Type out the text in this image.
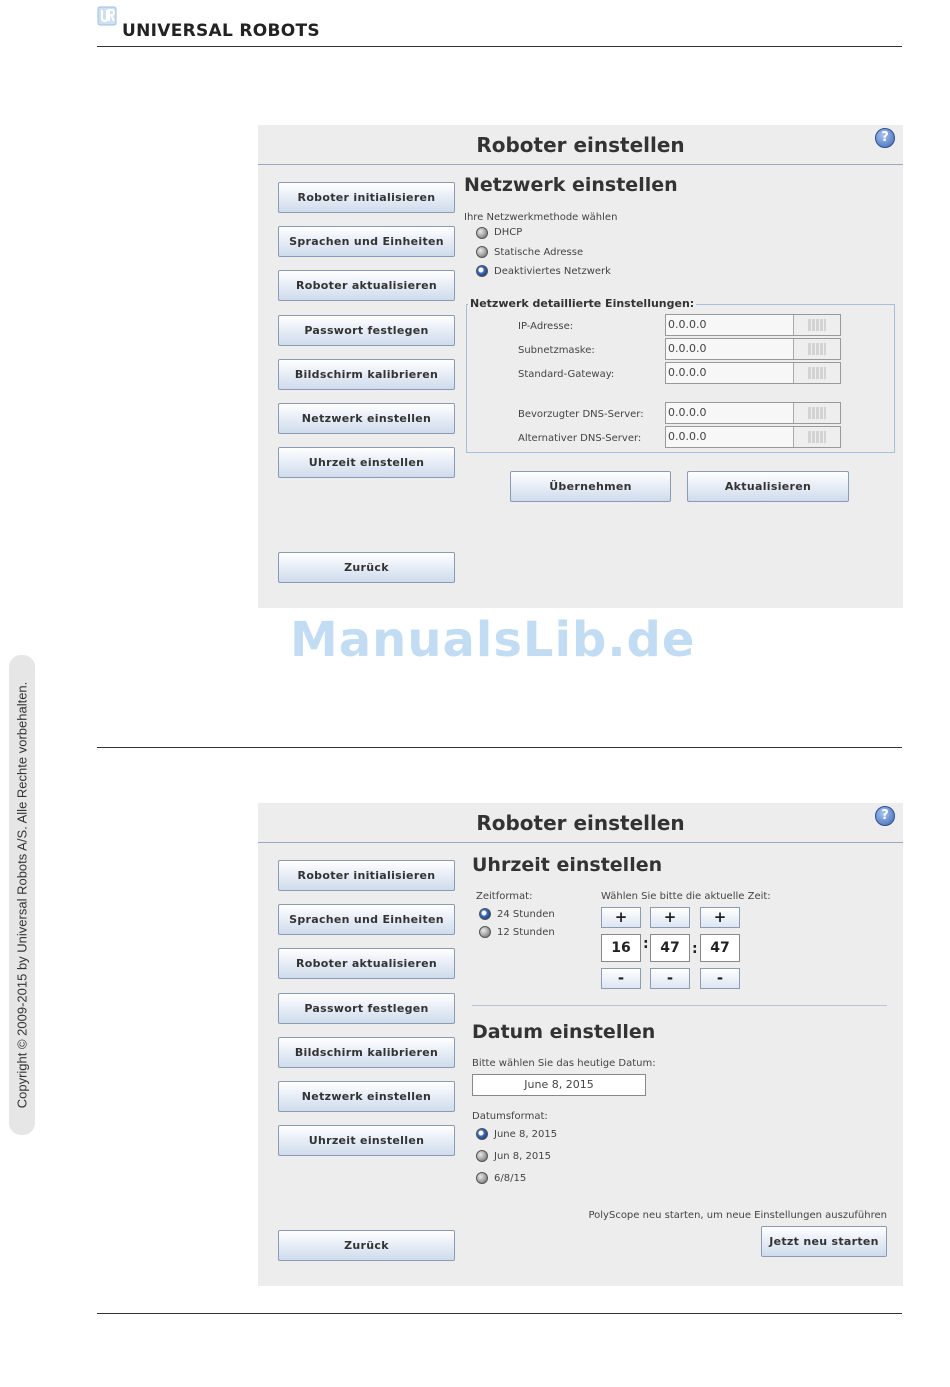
UNIVERSAL ROBOTS
Copyright © 2009-2015 by Universal Robots A/S. Alle Rechte vorbehalten.
Roboter einstellen	?
Roboter initialisieren
Sprachen und Einheiten
Roboter aktualisieren
Passwort festlegen
Bildschirm kalibrieren
Netzwerk einstellen
Uhrzeit einstellen
Zurück
Netzwerk einstellen
Ihre Netzwerkmethode wählen
DHCP
Statische Adresse
Deaktiviertes Netzwerk
Netzwerk detaillierte Einstellungen:
IP-Adresse:	0.0.0.0
Subnetzmaske:	0.0.0.0
Standard-Gateway:	0.0.0.0
Bevorzugter DNS-Server: 0.0.0.0
Alternativer DNS-Server: 0.0.0.0
Übernehmen	Aktualisieren
ManualsLib.de
Roboter einstellen	?
Roboter initialisieren
Sprachen und Einheiten
Roboter aktualisieren
Passwort festlegen
Bildschirm kalibrieren
Netzwerk einstellen
Uhrzeit einstellen
Zurück
Uhrzeit einstellen
Zeitformat:
24 Stunden
12 Stunden
Wählen Sie bitte die aktuelle Zeit:
+	+	+
16 : 47 : 47
-	-	-
Datum einstellen
Bitte wählen Sie das heutige Datum:
June 8, 2015
Datumsformat:
June 8, 2015
Jun 8, 2015
6/8/15
PolyScope neu starten, um neue Einstellungen auszuführen
Jetzt neu starten
